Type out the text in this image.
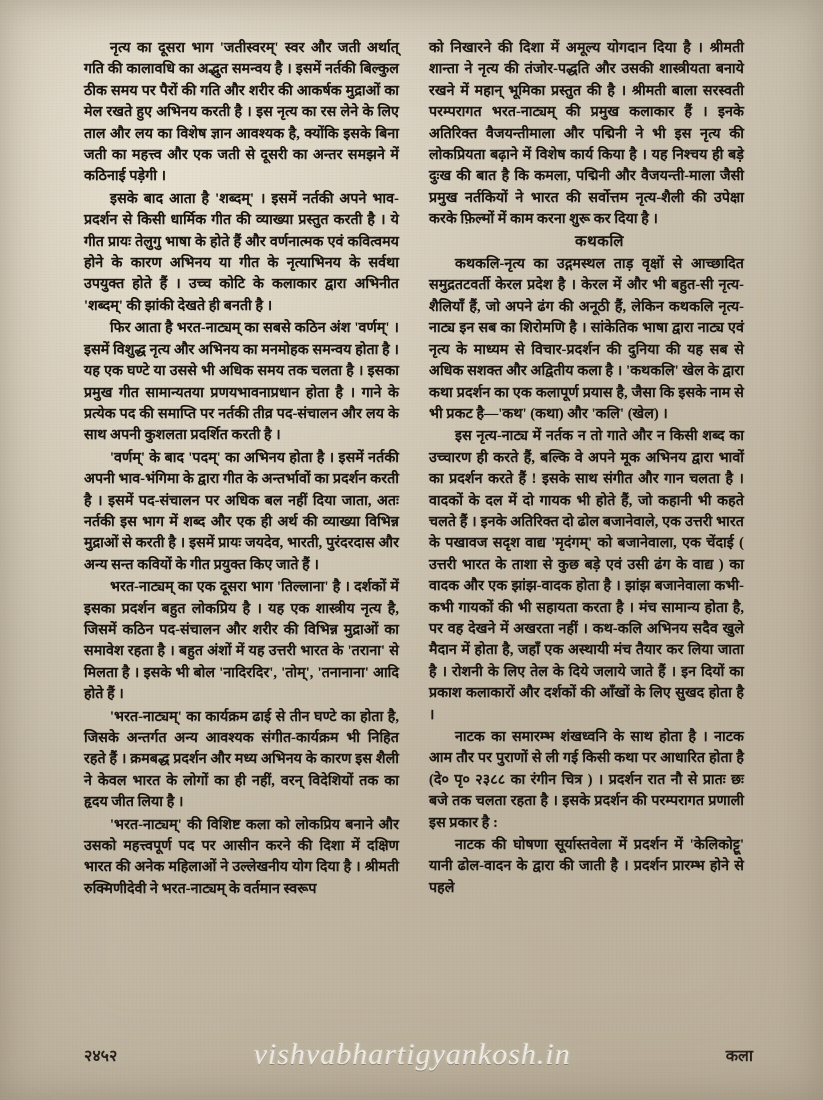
नृत्य का दूसरा भाग 'जतीस्वरम्' स्वर और जती अर्थात् गति की कालावधि का अद्भुत समन्वय है । इसमें नर्तकी बिल्कुल ठीक समय पर पैरों की गति और शरीर की आकर्षक मुद्राओं का मेल रखते हुए अभिनय करती है । इस नृत्य का रस लेने के लिए ताल और लय का विशेष ज्ञान आवश्यक है, क्योंकि इसके बिना जती का महत्त्व और एक जती से दूसरी का अन्तर समझने में कठिनाई पड़ेगी ।

इसके बाद आता है 'शब्दम्' । इसमें नर्तकी अपने भाव-प्रदर्शन से किसी धार्मिक गीत की व्याख्या प्रस्तुत करती है । ये गीत प्रायः तेलुगु भाषा के होते हैं और वर्णनात्मक एवं कवित्वमय होने के कारण अभिनय या गीत के नृत्याभिनय के सर्वथा उपयुक्त होते हैं । उच्च कोटि के कलाकार द्वारा अभिनीत 'शब्दम्' की झांकी देखते ही बनती है ।

फिर आता है भरत-नाट्यम् का सबसे कठिन अंश 'वर्णम्' । इसमें विशुद्ध नृत्य और अभिनय का मनमोहक समन्वय होता है । यह एक घण्टे या उससे भी अधिक समय तक चलता है । इसका प्रमुख गीत सामान्यतया प्रणयभावनाप्रधान होता है । गाने के प्रत्येक पद की समाप्ति पर नर्तकी तीव्र पद-संचालन और लय के साथ अपनी कुशलता प्रदर्शित करती है ।

'वर्णम्' के बाद 'पदम्' का अभिनय होता है । इसमें नर्तकी अपनी भाव-भंगिमा के द्वारा गीत के अन्तर्भावों का प्रदर्शन करती है । इसमें पद-संचालन पर अधिक बल नहीं दिया जाता, अतः नर्तकी इस भाग में शब्द और एक ही अर्थ की व्याख्या विभिन्न मुद्राओं से करती है । इसमें प्रायः जयदेव, भारती, पुरंदरदास और अन्य सन्त कवियों के गीत प्रयुक्त किए जाते हैं ।

भरत-नाट्यम् का एक दूसरा भाग 'तिल्लाना' है । दर्शकों में इसका प्रदर्शन बहुत लोकप्रिय है । यह एक शास्त्रीय नृत्य है, जिसमें कठिन पद-संचालन और शरीर की विभिन्न मुद्राओं का समावेश रहता है । बहुत अंशों में यह उत्तरी भारत के 'तराना' से मिलता है । इसके भी बोल 'नादिरदिर', 'तोम्', 'तनानाना' आदि होते हैं ।

'भरत-नाट्यम्' का कार्यक्रम ढाई से तीन घण्टे का होता है, जिसके अन्तर्गत अन्य आवश्यक संगीत-कार्यक्रम भी निहित रहते हैं । क्रमबद्ध प्रदर्शन और मध्य अभिनय के कारण इस शैली ने केवल भारत के लोगों का ही नहीं, वरन् विदेशियों तक का हृदय जीत लिया है ।

'भरत-नाट्यम्' की विशिष्ट कला को लोकप्रिय बनाने और उसको महत्त्वपूर्ण पद पर आसीन करने की दिशा में दक्षिण भारत की अनेक महिलाओं ने उल्लेखनीय योग दिया है । श्रीमती रुक्मिणीदेवी ने भरत-नाट्यम् के वर्तमान स्वरूप

को निखारने की दिशा में अमूल्य योगदान दिया है । श्रीमती शान्ता ने नृत्य की तंजोर-पद्धति और उसकी शास्त्रीयता बनाये रखने में महान् भूमिका प्रस्तुत की है । श्रीमती बाला सरस्वती परम्परागत भरत-नाट्यम् की प्रमुख कलाकार हैं । इनके अतिरिक्त वैजयन्तीमाला और पद्मिनी ने भी इस नृत्य की लोकप्रियता बढ़ाने में विशेष कार्य किया है । यह निश्चय ही बड़े दुःख की बात है कि कमला, पद्मिनी और वैजयन्ती-माला जैसी प्रमुख नर्तकियों ने भारत की सर्वोत्तम नृत्य-शैली की उपेक्षा करके फ़िल्मों में काम करना शुरू कर दिया है ।

कथकलि

कथकलि-नृत्य का उद्गमस्थल ताड़ वृक्षों से आच्छादित समुद्रतटवर्ती केरल प्रदेश है । केरल में और भी बहुत-सी नृत्य-शैलियाँ हैं, जो अपने ढंग की अनूठी हैं, लेकिन कथकलि नृत्य-नाट्य इन सब का शिरोमणि है । सांकेतिक भाषा द्वारा नाट्य एवं नृत्य के माध्यम से विचार-प्रदर्शन की दुनिया की यह सब से अधिक सशक्त और अद्वितीय कला है । 'कथकलि' खेल के द्वारा कथा प्रदर्शन का एक कलापूर्ण प्रयास है, जैसा कि इसके नाम से भी प्रकट है—'कथ' (कथा) और 'कलि' (खेल) ।

इस नृत्य-नाट्य में नर्तक न तो गाते और न किसी शब्द का उच्चारण ही करते हैं, बल्कि वे अपने मूक अभिनय द्वारा भावों का प्रदर्शन करते हैं ! इसके साथ संगीत और गान चलता है । वादकों के दल में दो गायक भी होते हैं, जो कहानी भी कहते चलते हैं । इनके अतिरिक्त दो ढोल बजानेवाले, एक उत्तरी भारत के पखावज सदृश वाद्य 'मृदंगम्' को बजानेवाला, एक चेंदाई ( उत्तरी भारत के ताशा से कुछ बड़े एवं उसी ढंग के वाद्य ) का वादक और एक झांझ-वादक होता है । झांझ बजानेवाला कभी-कभी गायकों की भी सहायता करता है । मंच सामान्य होता है, पर वह देखने में अखरता नहीं । कथ-कलि अभिनय सदैव खुले मैदान में होता है, जहाँ एक अस्थायी मंच तैयार कर लिया जाता है । रोशनी के लिए तेल के दिये जलाये जाते हैं । इन दियों का प्रकाश कलाकारों और दर्शकों की आँखों के लिए सुखद होता है ।

नाटक का समारम्भ शंखध्वनि के साथ होता है । नाटक आम तौर पर पुराणों से ली गई किसी कथा पर आधारित होता है (दे० पृ० २३८८ का रंगीन चित्र ) । प्रदर्शन रात नौ से प्रातः छः बजे तक चलता रहता है । इसके प्रदर्शन की परम्परागत प्रणाली इस प्रकार है :

नाटक की घोषणा सूर्यास्तवेला में प्रदर्शन में 'केलिकोट्टू' यानी ढोल-वादन के द्वारा की जाती है । प्रदर्शन प्रारम्भ होने से पहले

२४५२	vishvabhartigyankosh.in	कला
